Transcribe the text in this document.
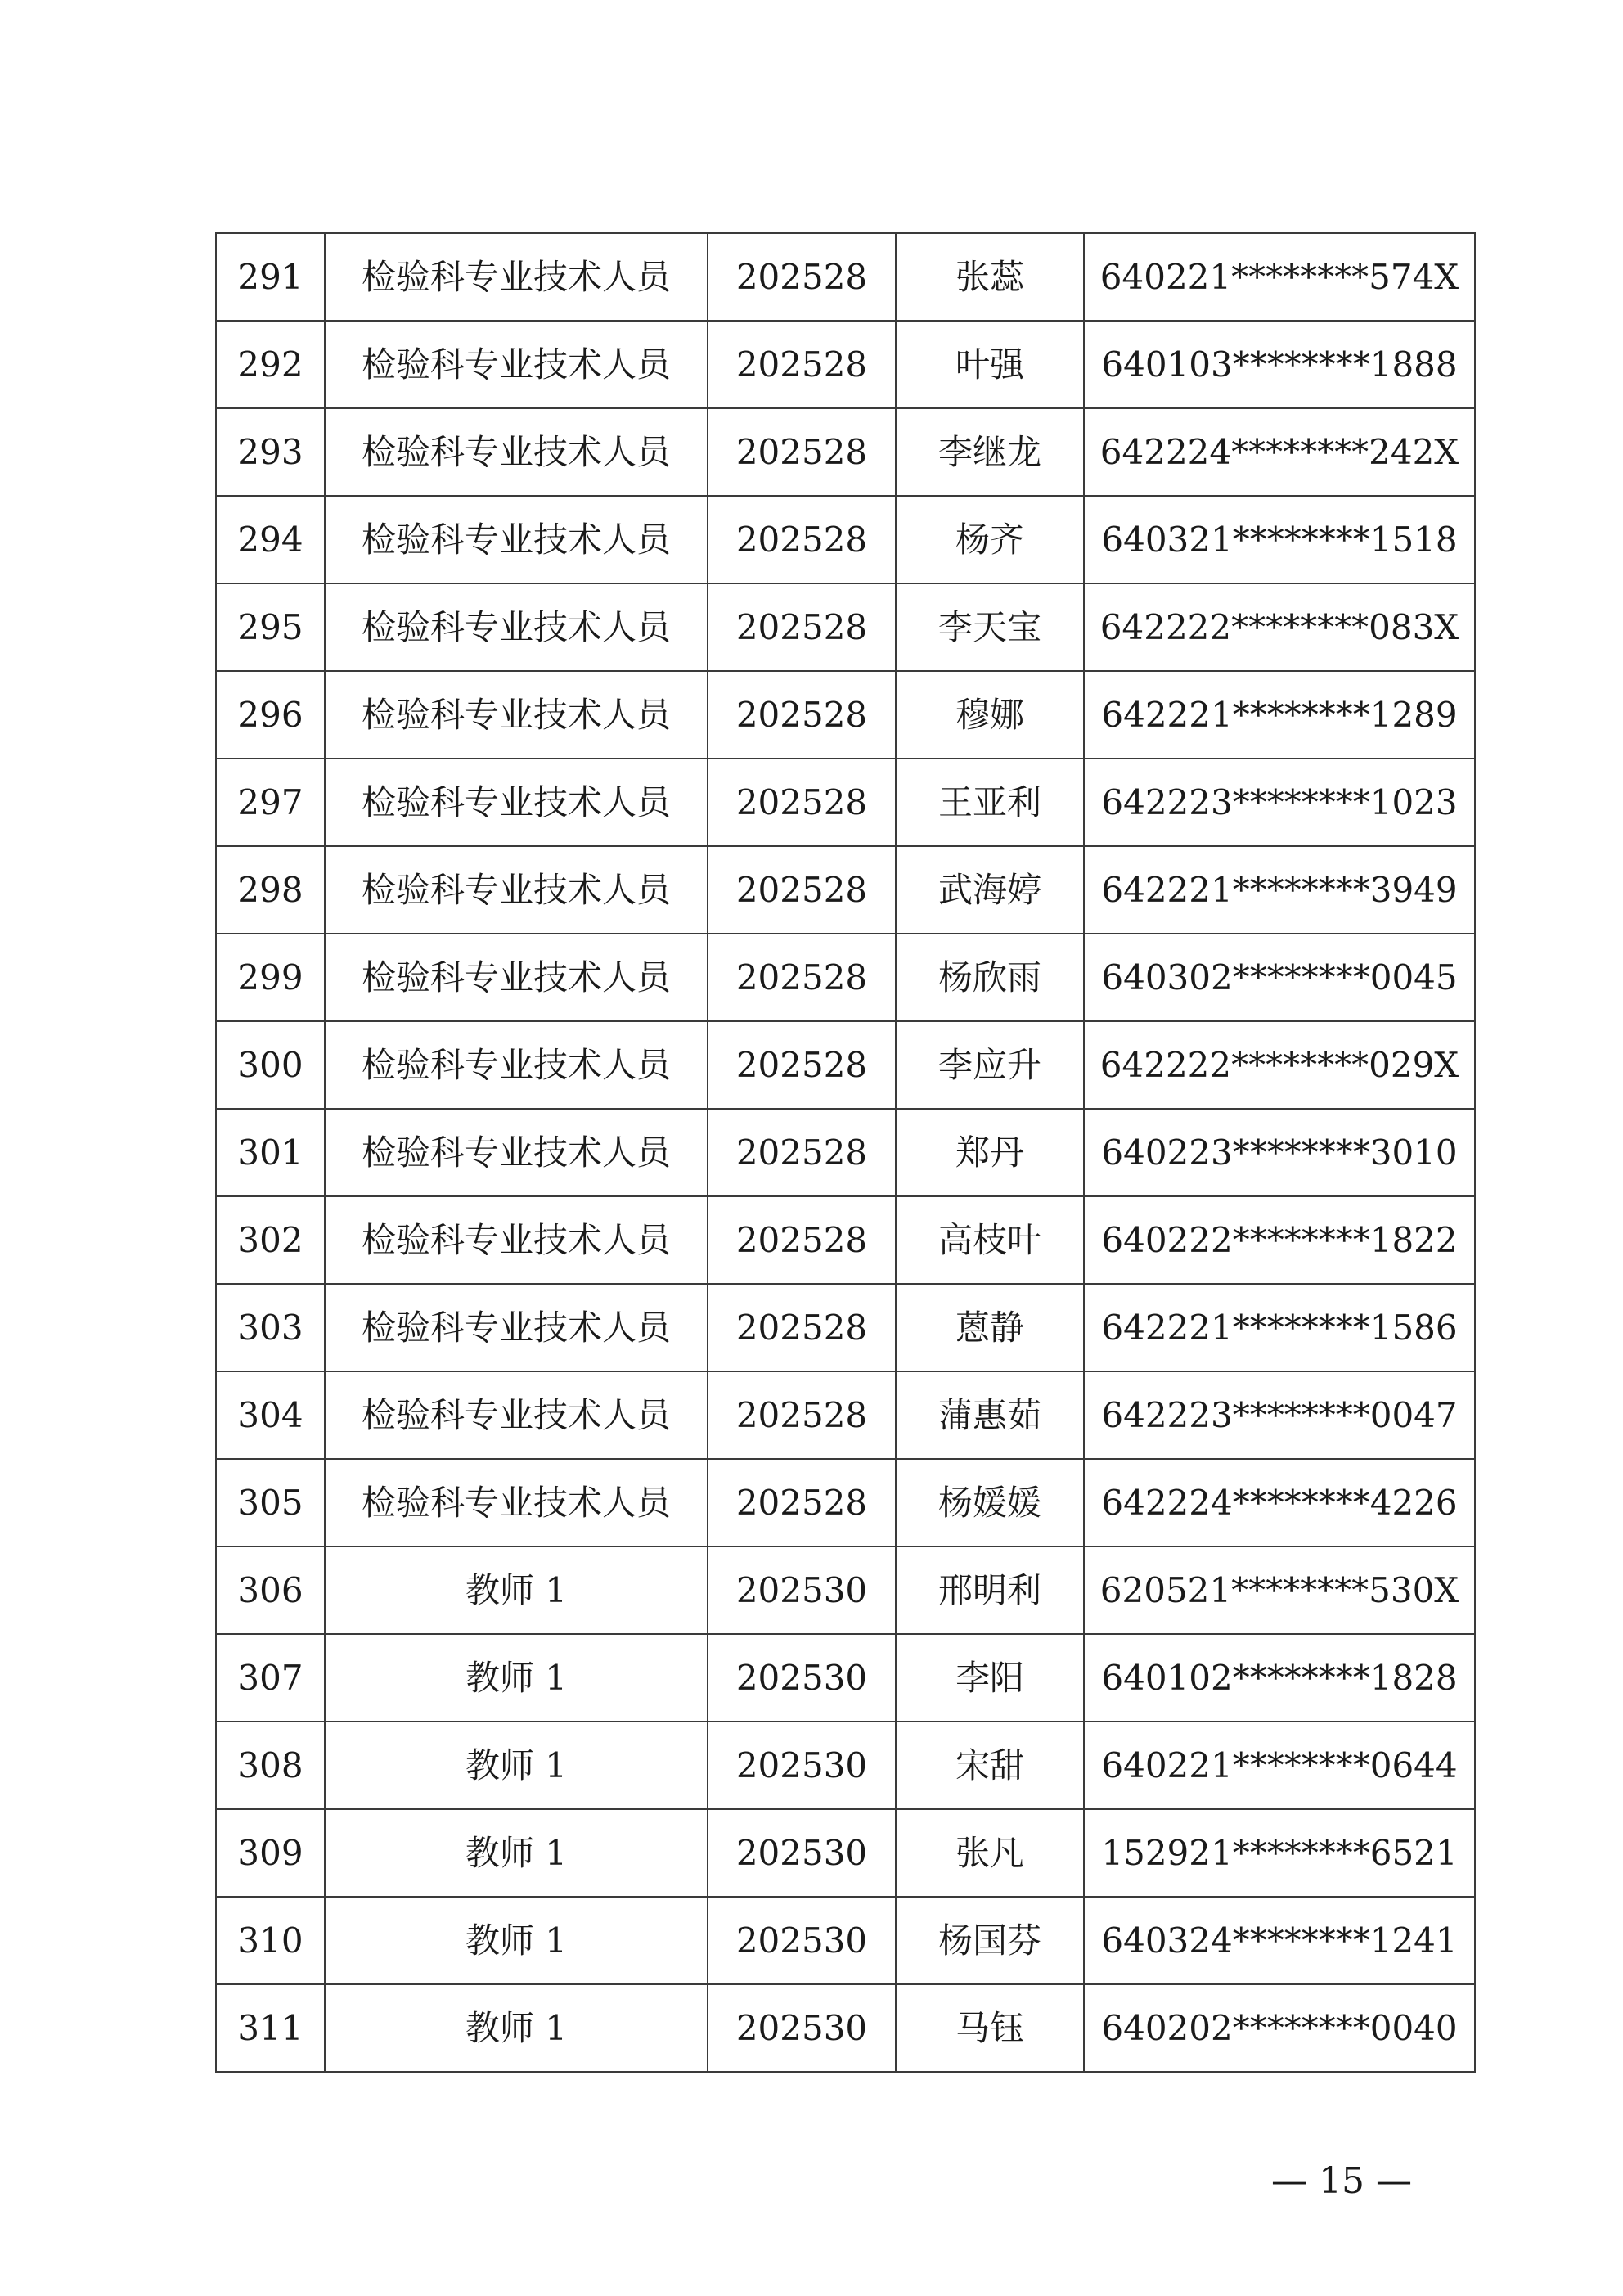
291	检验科专业技术人员	202528	张蕊	640221********574X
292	检验科专业技术人员	202528	叶强	640103********1888
293	检验科专业技术人员	202528	李继龙	642224********242X
294	检验科专业技术人员	202528	杨齐	640321********1518
295	检验科专业技术人员	202528	李天宝	642222********083X
296	检验科专业技术人员	202528	穆娜	642221********1289
297	检验科专业技术人员	202528	王亚利	642223********1023
298	检验科专业技术人员	202528	武海婷	642221********3949
299	检验科专业技术人员	202528	杨欣雨	640302********0045
300	检验科专业技术人员	202528	李应升	642222********029X
301	检验科专业技术人员	202528	郑丹	640223********3010
302	检验科专业技术人员	202528	高枝叶	640222********1822
303	检验科专业技术人员	202528	蒽静	642221********1586
304	检验科专业技术人员	202528	蒲惠茹	642223********0047
305	检验科专业技术人员	202528	杨媛媛	642224********4226
306	教师 1	202530	邢明利	620521********530X
307	教师 1	202530	李阳	640102********1828
308	教师 1	202530	宋甜	640221********0644
309	教师 1	202530	张凡	152921********6521
310	教师 1	202530	杨国芬	640324********1241
311	教师 1	202530	马钰	640202********0040
— 15 —
